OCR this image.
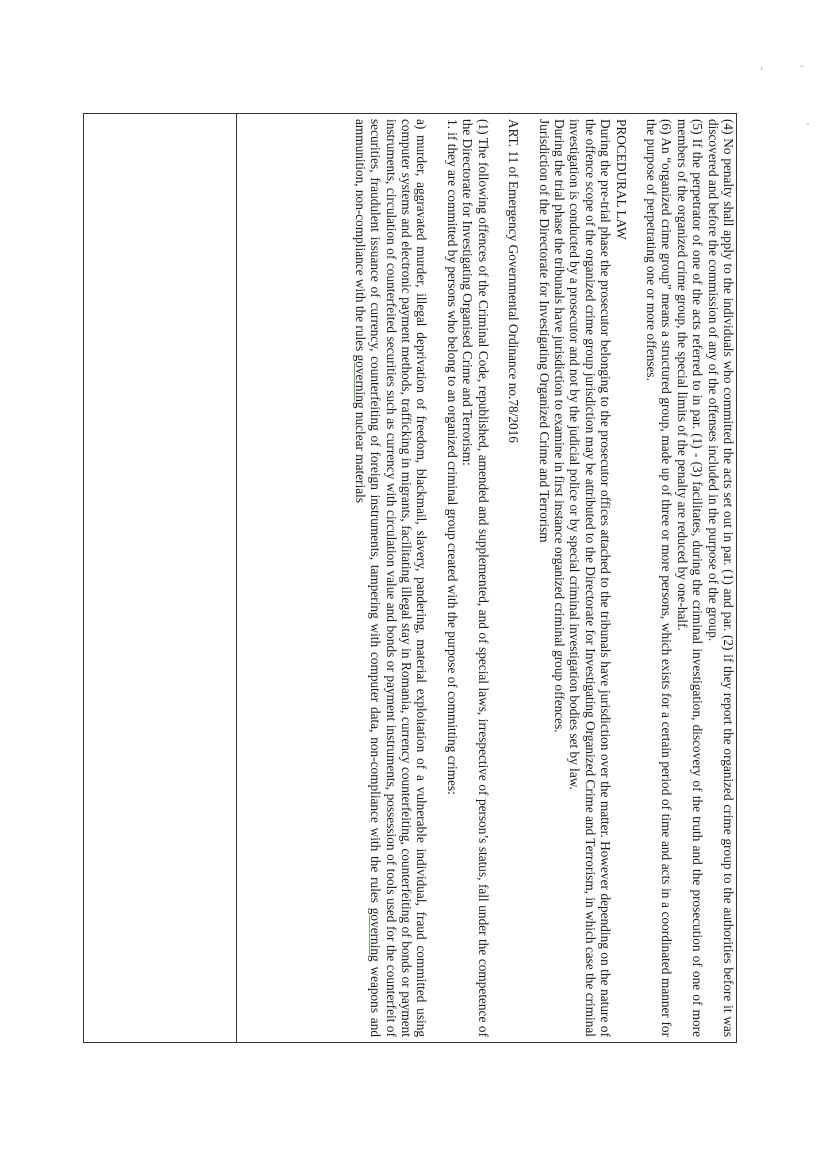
,	-
-

(4) No penalty shall apply to the individuals who committed the acts set out in par. (1) and par. (2) if they report the organized crime group to the authorities before it was discovered and before the commission of any of the offenses included in the purpose of the group.

(5) If the perpetrator of one of the acts referred to in par. (1) - (3) facilitates, during the criminal investigation, discovery of the truth and the prosecution of one of more members of the organized crime group, the special limits of the penalty are reduced by one-half.

(6) An “organized crime group” means a structured group, made up of three or more persons, which exists for a certain period of time and acts in a coordinated manner for the purpose of perpetrating one or more offenses.

PROCEDURAL LAW

During the pre-trial phase the prosecutor belonging to the prosecutor offices attached to the tribunals have jurisdiction over the matter. However depending on the nature of the offence scope of the organized crime group jurisdiction may be attributed to the Directorate for Investigating Organized Crime and Terrorism, in which case the criminal investigation is conducted by a prosecutor and not by the judicial police or by special criminal investigation bodies set by law.

During the trial phase the tribunals have jurisdiction to examine in first instance organized criminal group offences.

Jurisdiction of the Directorate for Investigating Organized Crime and Terrorism

ART. 11 of Emergency Governmental Ordinance no.78/2016

(1) The following offences of the Criminal Code, republished, amended and supplemented, and of special laws, irrespective of person’s status, fall under the competence of the Directorate for Investigating Organised Crime and Terrorism:

1. if they are committed by persons who belong to an organized criminal group created with the purpose of committing crimes:

a) murder, aggravated murder, illegal deprivation of freedom, blackmail, slavery, pandering, material exploitation of a vulnerable individual, fraud committed using computer systems and electronic payment methods, trafficking in migrants, facilitating illegal stay in Romania, currency counterfeiting, counterfeiting of bonds or payment instruments, circulation of counterfeited securities such as currency with circulation value and bonds or payment instruments, possession of tools used for the counterfeit of securities, fraudulent issuance of currency, counterfeiting of foreign instruments, tampering with computer data, non-compliance with the rules governing weapons and ammunition, non-compliance with the rules governing nuclear materials
